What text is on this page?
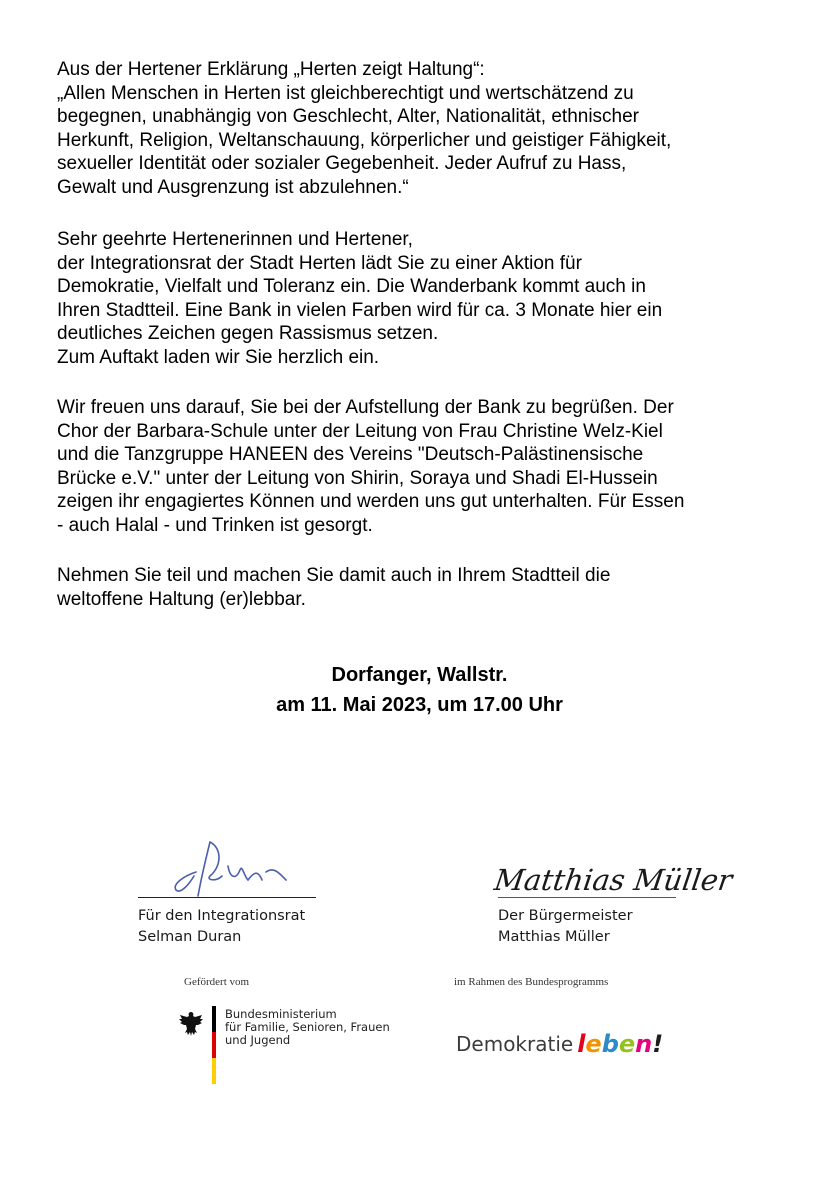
Aus der Hertener Erklärung „Herten zeigt Haltung“:

„Allen Menschen in Herten ist gleichberechtigt und wertschätzend zu

begegnen, unabhängig von Geschlecht, Alter, Nationalität, ethnischer

Herkunft, Religion, Weltanschauung, körperlicher und geistiger Fähigkeit,

sexueller Identität oder sozialer Gegebenheit. Jeder Aufruf zu Hass,

Gewalt und Ausgrenzung ist abzulehnen.“

Sehr geehrte Hertenerinnen und Hertener,

der Integrationsrat der Stadt Herten lädt Sie zu einer Aktion für

Demokratie, Vielfalt und Toleranz ein. Die Wanderbank kommt auch in

Ihren Stadtteil. Eine Bank in vielen Farben wird für ca. 3 Monate hier ein

deutliches Zeichen gegen Rassismus setzen.

Zum Auftakt laden wir Sie herzlich ein.

Wir freuen uns darauf, Sie bei der Aufstellung der Bank zu begrüßen. Der

Chor der Barbara-Schule unter der Leitung von Frau Christine Welz-Kiel

und die Tanzgruppe HANEEN des Vereins "Deutsch-Palästinensische

Brücke e.V." unter der Leitung von Shirin, Soraya und Shadi El-Hussein

zeigen ihr engagiertes Können und werden uns gut unterhalten. Für Essen

- auch Halal - und Trinken ist gesorgt.

Nehmen Sie teil und machen Sie damit auch in Ihrem Stadtteil die

weltoffene Haltung (er)lebbar.

Dorfanger, Wallstr.
am 11. Mai 2023, um 17.00 Uhr
Für den Integrationsrat
Selman Duran
Matthias Müller
Der Bürgermeister
Matthias Müller
Gefördert vom	im Rahmen des Bundesprogramms
Bundesministerium
für Familie, Senioren, Frauen
und Jugend	Demokratie leben!
